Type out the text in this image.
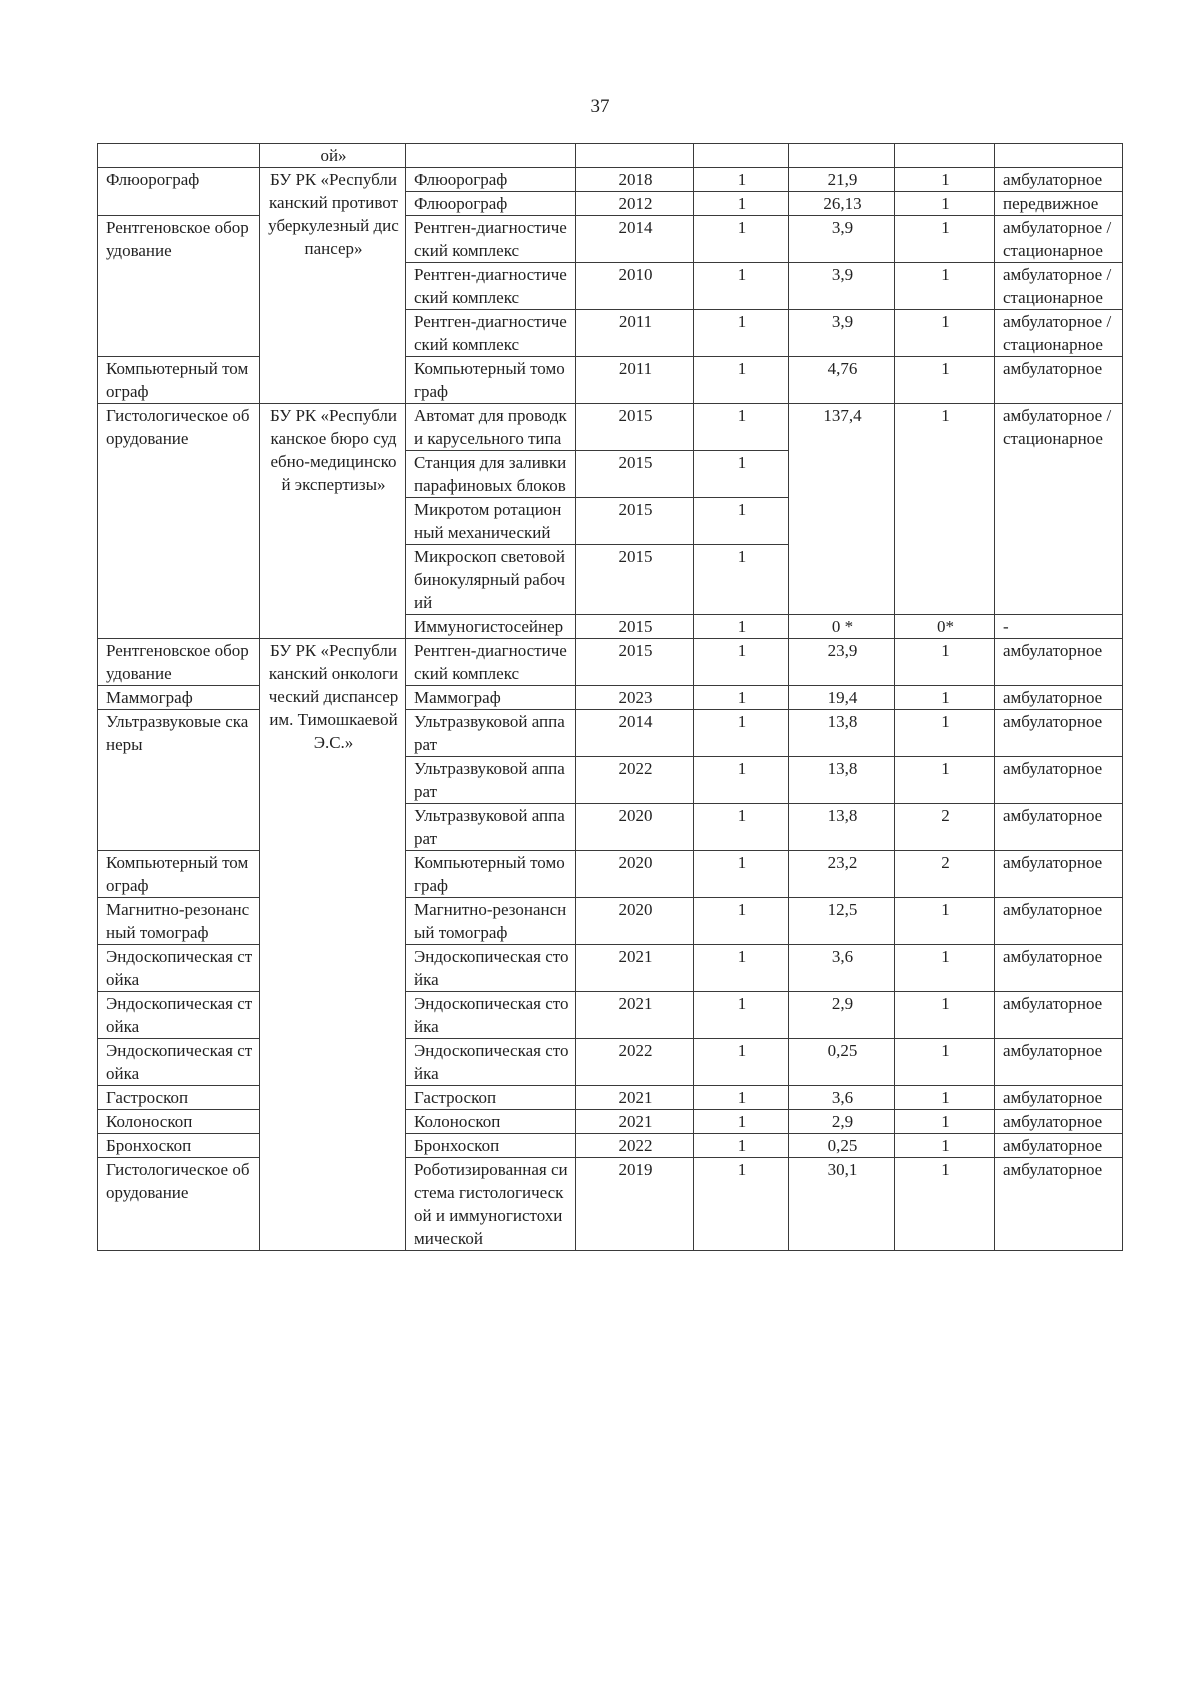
37
	ой»						
Флюорограф	БУ РК «Республиканский противотуберкулезный диспансер»	Флюорограф	2018	1	21,9	1	амбулаторное
		Флюорограф	2012	1	26,13	1	передвижное
Рентгеновское оборудование		Рентген-диагностический комплекс	2014	1	3,9	1	амбулаторное / стационарное
		Рентген-диагностический комплекс	2010	1	3,9	1	амбулаторное / стационарное
		Рентген-диагностический комплекс	2011	1	3,9	1	амбулаторное / стационарное
Компьютерный томограф		Компьютерный томограф	2011	1	4,76	1	амбулаторное
Гистологическое оборудование	БУ РК «Республиканское бюро судебно-медицинской экспертизы»	Автомат для проводки карусельного типа	2015	1	137,4	1	амбулаторное / стационарное
		Станция для заливки парафиновых блоков	2015	1			
		Микротом ротационный механический	2015	1			
		Микроскоп световой бинокулярный рабочий	2015	1			
		Иммуногистосейнер	2015	1	0 *	0*	-
Рентгеновское оборудование	БУ РК «Республиканский онкологический диспансер им. Тимошкаевой Э.С.»	Рентген-диагностический комплекс	2015	1	23,9	1	амбулаторное
Маммограф		Маммограф	2023	1	19,4	1	амбулаторное
Ультразвуковые сканеры		Ультразвуковой аппарат	2014	1	13,8	1	амбулаторное
		Ультразвуковой аппарат	2022	1	13,8	1	амбулаторное
		Ультразвуковой аппарат	2020	1	13,8	2	амбулаторное
Компьютерный томограф		Компьютерный томограф	2020	1	23,2	2	амбулаторное
Магнитно-резонансный томограф		Магнитно-резонансный томограф	2020	1	12,5	1	амбулаторное
Эндоскопическая стойка		Эндоскопическая стойка	2021	1	3,6	1	амбулаторное
Эндоскопическая стойка		Эндоскопическая стойка	2021	1	2,9	1	амбулаторное
Эндоскопическая стойка		Эндоскопическая стойка	2022	1	0,25	1	амбулаторное
Гастроскоп		Гастроскоп	2021	1	3,6	1	амбулаторное
Колоноскоп		Колоноскоп	2021	1	2,9	1	амбулаторное
Бронхоскоп		Бронхоскоп	2022	1	0,25	1	амбулаторное
Гистологическое оборудование		Роботизированная система гистологической и иммуногистохимической	2019	1	30,1	1	амбулаторное
